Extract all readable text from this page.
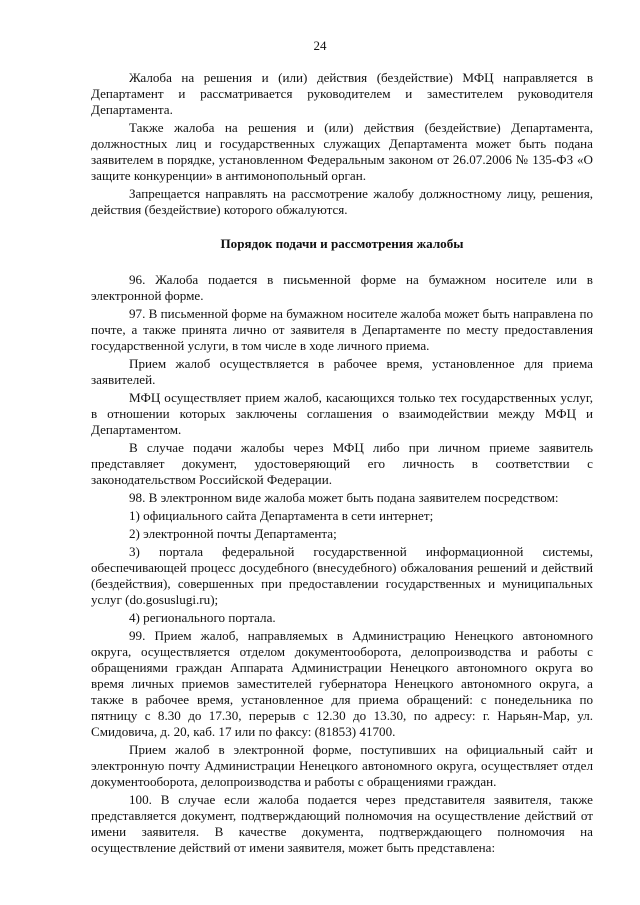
24

Жалоба на решения и (или) действия (бездействие) МФЦ направляется в Департамент и рассматривается руководителем и заместителем руководителя Департамента.

Также жалоба на решения и (или) действия (бездействие) Департамента, должностных лиц и государственных служащих Департамента может быть подана заявителем в порядке, установленном Федеральным законом от 26.07.2006 № 135-ФЗ «О защите конкуренции» в антимонопольный орган.

Запрещается направлять на рассмотрение жалобу должностному лицу, решения, действия (бездействие) которого обжалуются.

Порядок подачи и рассмотрения жалобы

96. Жалоба подается в письменной форме на бумажном носителе или в электронной форме.

97. В письменной форме на бумажном носителе жалоба может быть направлена по почте, а также принята лично от заявителя в Департаменте по месту предоставления государственной услуги, в том числе в ходе личного приема.

Прием жалоб осуществляется в рабочее время, установленное для приема заявителей.

МФЦ осуществляет прием жалоб, касающихся только тех государственных услуг, в отношении которых заключены соглашения о взаимодействии между МФЦ и Департаментом.

В случае подачи жалобы через МФЦ либо при личном приеме заявитель представляет документ, удостоверяющий его личность в соответствии с законодательством Российской Федерации.

98. В электронном виде жалоба может быть подана заявителем посредством:

1) официального сайта Департамента в сети интернет;

2) электронной почты Департамента;

3) портала федеральной государственной информационной системы, обеспечивающей процесс досудебного (внесудебного) обжалования решений и действий (бездействия), совершенных при предоставлении государственных и муниципальных услуг (do.gosuslugi.ru);

4) регионального портала.

99. Прием жалоб, направляемых в Администрацию Ненецкого автономного округа, осуществляется отделом документооборота, делопроизводства и работы с обращениями граждан Аппарата Администрации Ненецкого автономного округа во время личных приемов заместителей губернатора Ненецкого автономного округа, а также в рабочее время, установленное для приема обращений: с понедельника по пятницу с 8.30 до 17.30, перерыв с 12.30 до 13.30, по адресу: г. Нарьян-Мар, ул. Смидовича, д. 20, каб. 17 или по факсу: (81853) 41700.

Прием жалоб в электронной форме, поступивших на официальный сайт и электронную почту Администрации Ненецкого автономного округа, осуществляет отдел документооборота, делопроизводства и работы с обращениями граждан.

100. В случае если жалоба подается через представителя заявителя, также представляется документ, подтверждающий полномочия на осуществление действий от имени заявителя. В качестве документа, подтверждающего полномочия на осуществление действий от имени заявителя, может быть представлена:
